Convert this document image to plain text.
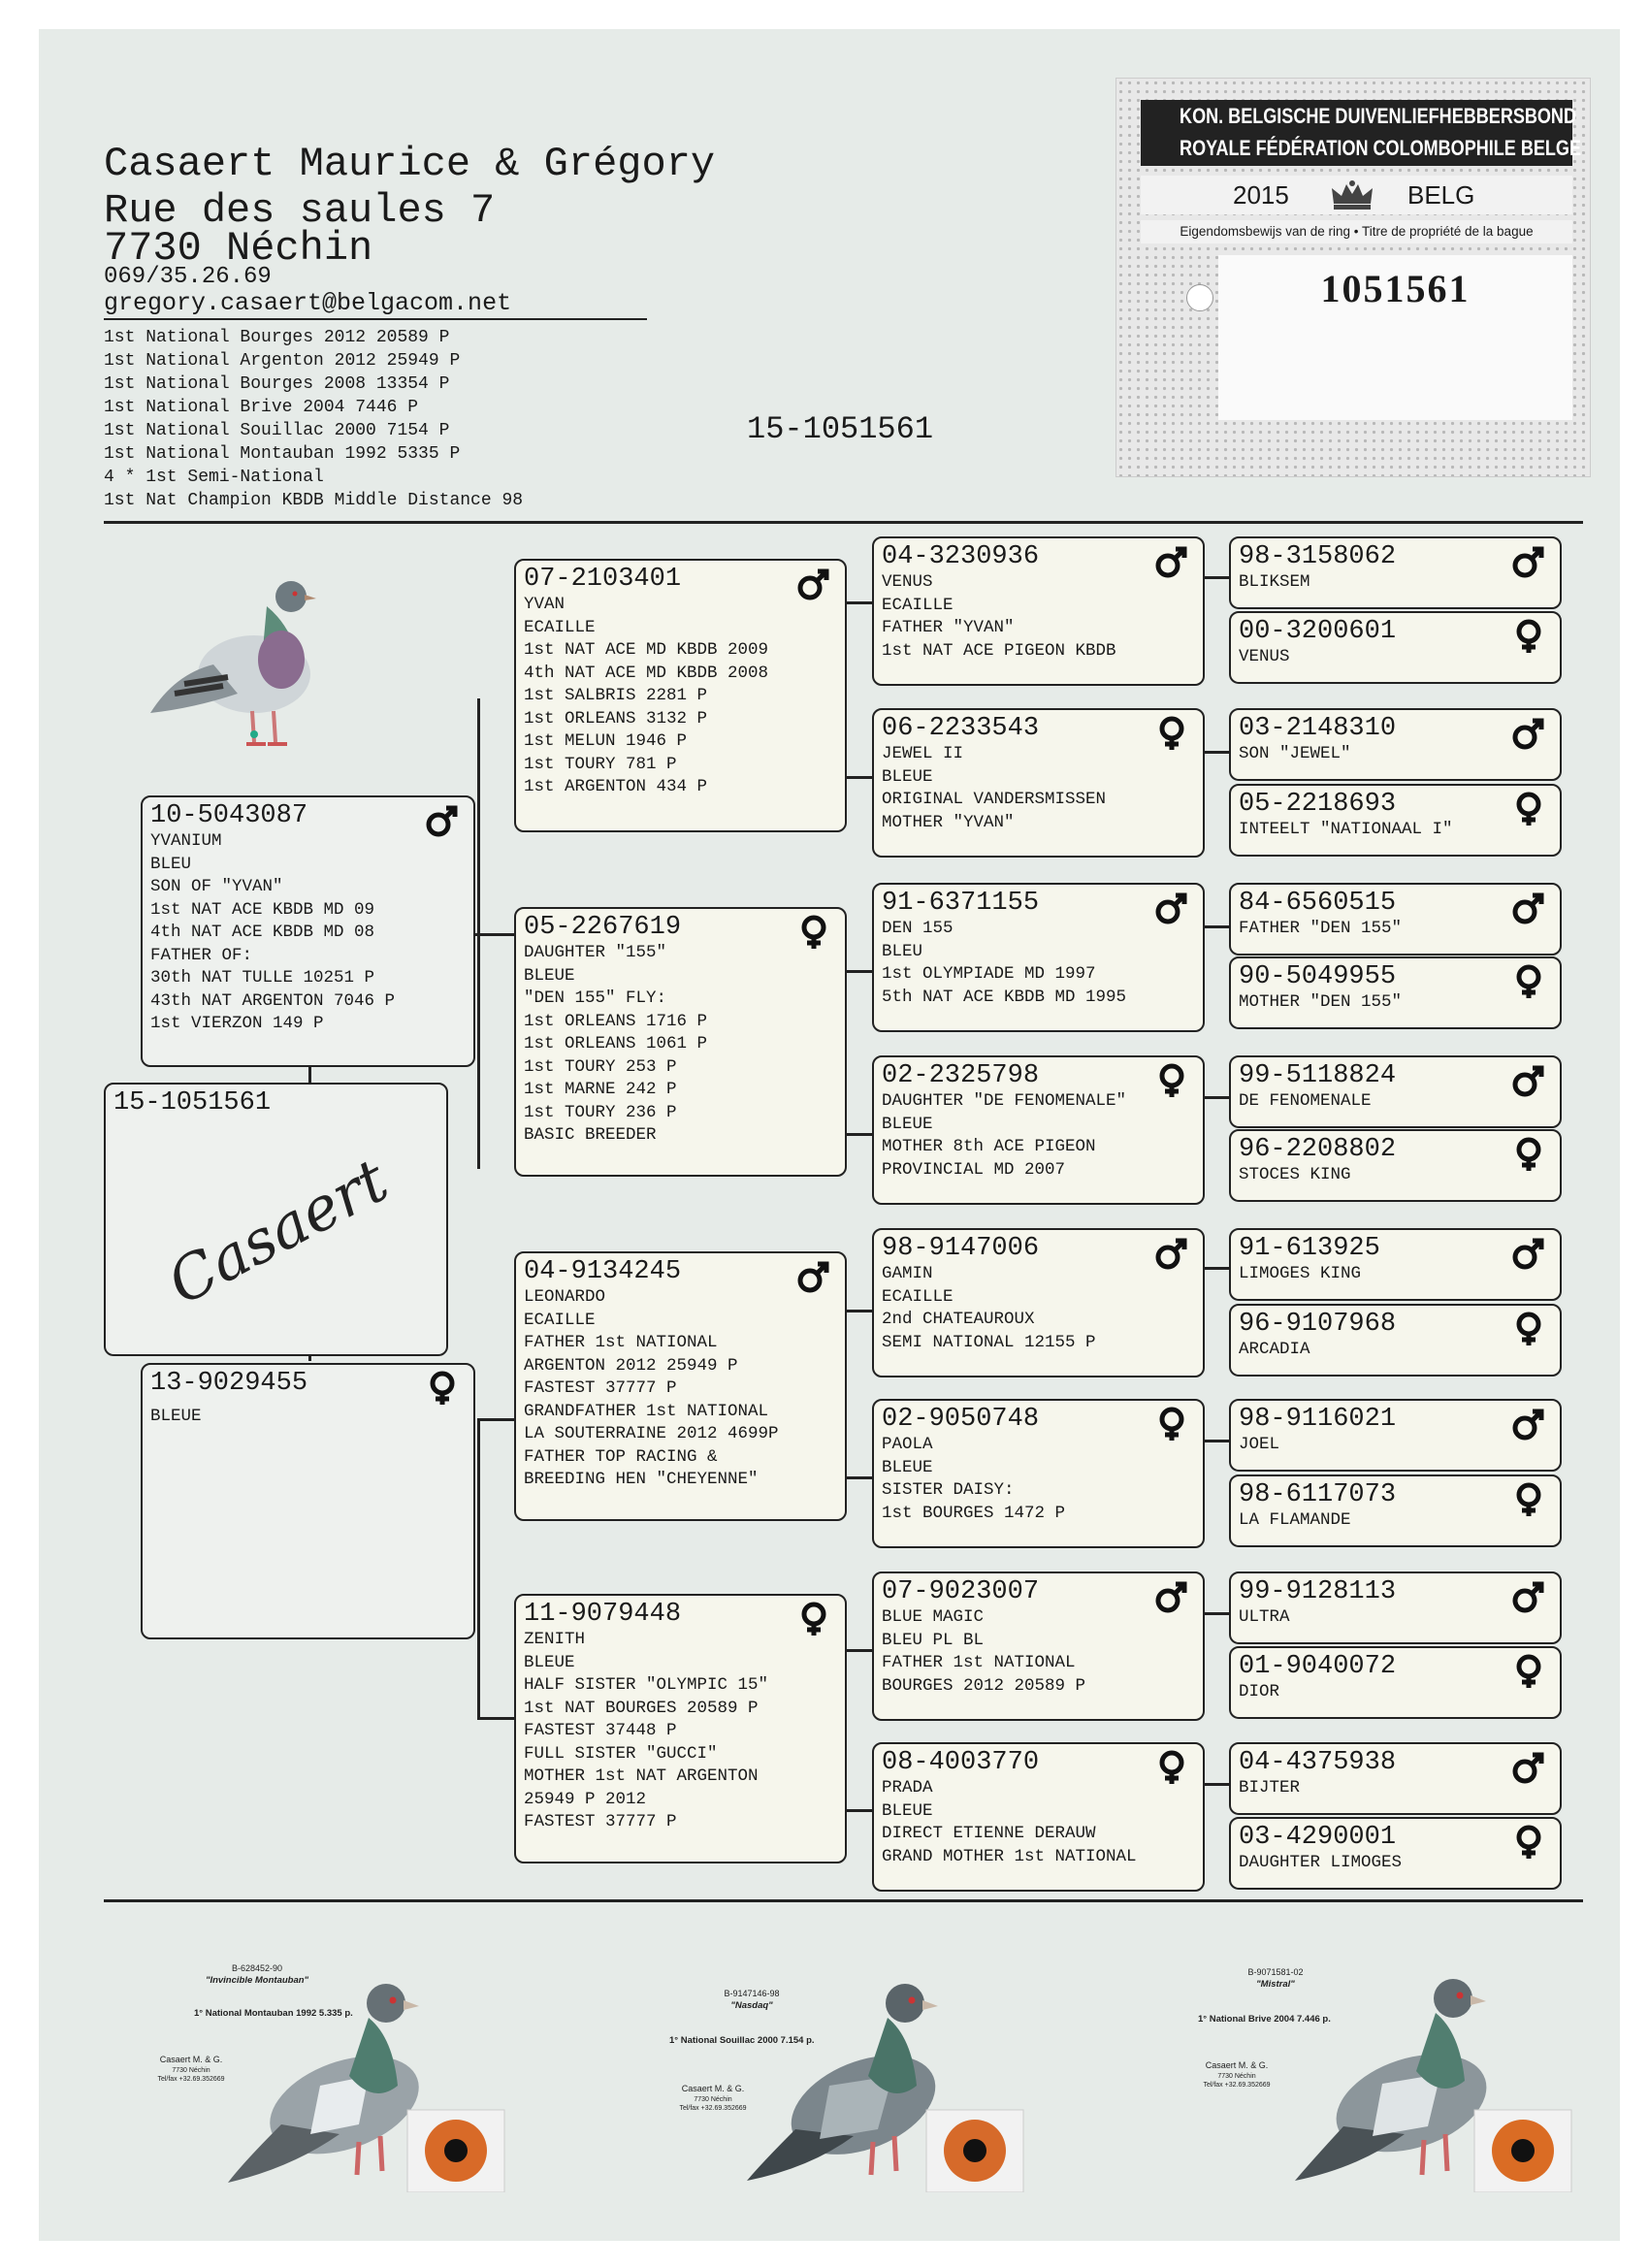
Casaert Maurice & Grégory
Rue des saules 7
7730 Néchin
069/35.26.69
gregory.casaert@belgacom.net
1st National Bourges 2012 20589 P
1st National Argenton 2012 25949 P
1st National Bourges 2008 13354 P
1st National Brive 2004 7446 P
1st National Souillac 2000 7154 P
1st National Montauban 1992 5335 P
4 * 1st Semi-National
1st Nat Champion KBDB Middle Distance 98
15-1051561
KON. BELGISCHE DUIVENLIEFHEBBERSBOND
ROYALE FÉDÉRATION COLOMBOPHILE BELGE
2015	BELG
Eigendomsbewijs van de ring • Titre de propriété de la bague
1051561
15-1051561
Casaert
10-5043087
YVANIUM
BLEU
SON OF "YVAN"
1st NAT ACE KBDB MD 09
4th NAT ACE KBDB MD 08
FATHER OF:
30th NAT TULLE 10251 P
43th NAT ARGENTON 7046 P
1st VIERZON 149 P
13-9029455
BLEUE
07-2103401
YVAN
ECAILLE
1st NAT ACE MD KBDB 2009
4th NAT ACE MD KBDB 2008
1st SALBRIS 2281 P
1st ORLEANS 3132 P
1st MELUN 1946 P
1st TOURY 781 P
1st ARGENTON 434 P
05-2267619
DAUGHTER "155"
BLEUE
"DEN 155" FLY:
1st ORLEANS 1716 P
1st ORLEANS 1061 P
1st TOURY 253 P
1st MARNE 242 P
1st TOURY 236 P
BASIC BREEDER
04-9134245
LEONARDO
ECAILLE
FATHER 1st NATIONAL
ARGENTON 2012 25949 P
FASTEST 37777 P
GRANDFATHER 1st NATIONAL
LA SOUTERRAINE 2012 4699P
FATHER TOP RACING &
BREEDING HEN "CHEYENNE"
11-9079448
ZENITH
BLEUE
HALF SISTER "OLYMPIC 15"
1st NAT BOURGES 20589 P
FASTEST 37448 P
FULL SISTER "GUCCI"
MOTHER 1st NAT ARGENTON
25949 P 2012
FASTEST 37777 P
04-3230936
VENUS
ECAILLE
FATHER "YVAN"
1st NAT ACE PIGEON KBDB
06-2233543
JEWEL II
BLEUE
ORIGINAL VANDERSMISSEN
MOTHER "YVAN"
91-6371155
DEN 155
BLEU
1st OLYMPIADE MD 1997
5th NAT ACE KBDB MD 1995
02-2325798
DAUGHTER "DE FENOMENALE"
BLEUE
MOTHER 8th ACE PIGEON
PROVINCIAL MD 2007
98-9147006
GAMIN
ECAILLE
2nd CHATEAUROUX
SEMI NATIONAL 12155 P
02-9050748
PAOLA
BLEUE
SISTER DAISY:
1st BOURGES 1472 P
07-9023007
BLUE MAGIC
BLEU PL BL
FATHER 1st NATIONAL
BOURGES 2012 20589 P
08-4003770
PRADA
BLEUE
DIRECT ETIENNE DERAUW
GRAND MOTHER 1st NATIONAL
98-3158062
BLIKSEM
00-3200601
VENUS
03-2148310
SON "JEWEL"
05-2218693
INTEELT "NATIONAAL I"
84-6560515
FATHER "DEN 155"
90-5049955
MOTHER "DEN 155"
99-5118824
DE FENOMENALE
96-2208802
STOCES KING
91-613925
LIMOGES KING
96-9107968
ARCADIA
98-9116021
JOEL
98-6117073
LA FLAMANDE
99-9128113
ULTRA
01-9040072
DIOR
04-4375938
BIJTER
03-4290001
DAUGHTER LIMOGES
B-628452-90
"Invincible Montauban"
1° National Montauban 1992 5.335 p.
Casaert M. & G.
7730 Néchin
Tel/fax +32.69.352669
B-9147146-98
"Nasdaq"
1° National Souillac 2000 7.154 p.
Casaert M. & G.
7730 Néchin
Tel/fax +32.69.352669
B-9071581-02
"Mistral"
1° National Brive 2004 7.446 p.
Casaert M. & G.
7730 Néchin
Tel/fax +32.69.352669
